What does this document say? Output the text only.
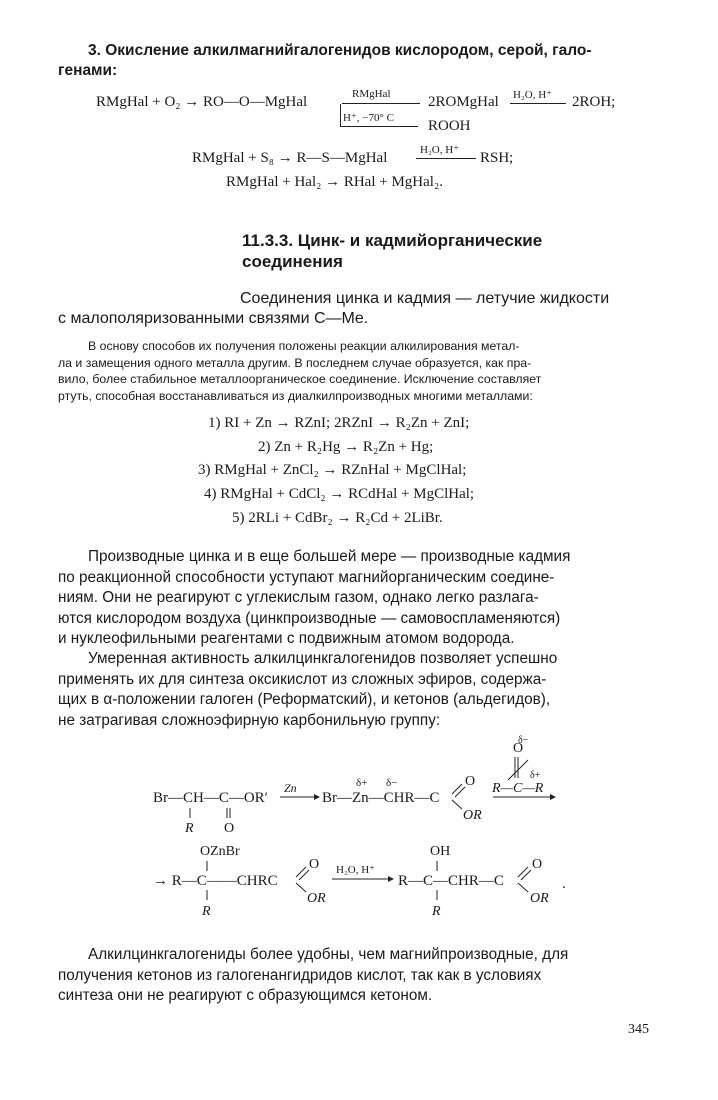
3. Окисление алкилмагнийгалогенидов кислородом, серой, гало-
генами:
RMgHal + O₂ → RO—O—MgHal	RMgHal	2ROMgHal H₂O, H⁺ 2ROH;
H⁺, −70° C ROOH
RMgHal + S₈ → R—S—MgHal	H₂O, H⁺ RSH;
RMgHal + Hal₂ → RHal + MgHal₂.
11.3.3. Цинк- и кадмийорганические
соединения
Соединения цинка и кадмия — летучие жидкости
с малополяризованными связями C—Me.
В основу способов их получения положены реакции алкилирования метал-
ла и замещения одного металла другим. В последнем случае образуется, как пра-
вило, более стабильное металлоорганическое соединение. Исключение составляет
ртуть, способная восстанавливаться из диалкилпроизводных многими металлами:
1) RI + Zn → RZnI; 2RZnI → R₂Zn + ZnI;
2) Zn + R₂Hg → R₂Zn + Hg;
3) RMgHal + ZnCl₂ → RZnHal + MgClHal;
4) RMgHal + CdCl₂ → RCdHal + MgClHal;
5) 2RLi + CdBr₂ → R₂Cd + 2LiBr.
Производные цинка и в еще большей мере — производные кадмия
по реакционной способности уступают магнийорганическим соедине-
ниям. Они не реагируют с углекислым газом, однако легко разлага-
ются кислородом воздуха (цинкпроизводные — самовоспламеняются)
и нуклеофильными реагентами с подвижным атомом водорода.
Умеренная активность алкилцинкгалогенидов позволяет успешно
применять их для синтеза оксикислот из сложных эфиров, содержа-
щих в α-положении галоген (Реформатский), и кетонов (альдегидов),
не затрагивая сложноэфирную карбонильную группу:
Br—CH—C—OR′
R O
Zn	δ+ δ−
Br—Zn—CHR—C
O
OR
O
δ−
δ+
R—C—R
OZnBr
→ R—C——CHRC
O
OR
R
H₂O, H⁺
OH
R—C—CHR—C
O
OR
.
R
Алкилцинкгалогениды более удобны, чем магнийпроизводные, для
получения кетонов из галогенангидридов кислот, так как в условиях
синтеза они не реагируют с образующимся кетоном.
345
